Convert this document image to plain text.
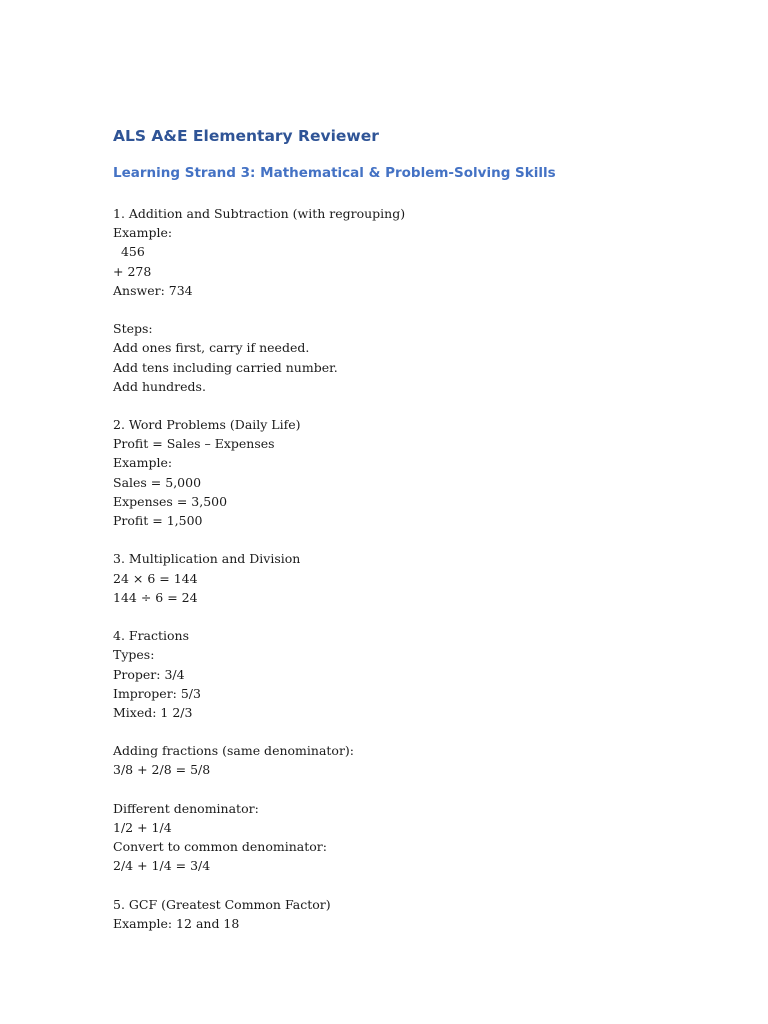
ALS A&E Elementary Reviewer
Learning Strand 3: Mathematical & Problem-Solving Skills
1. Addition and Subtraction (with regrouping)
Example:
456
+ 278
Answer: 734
Steps:
Add ones first, carry if needed.
Add tens including carried number.
Add hundreds.
2. Word Problems (Daily Life)
Profit = Sales – Expenses
Example:
Sales = 5,000
Expenses = 3,500
Profit = 1,500
3. Multiplication and Division
24 × 6 = 144
144 ÷ 6 = 24
4. Fractions
Types:
Proper: 3/4
Improper: 5/3
Mixed: 1 2/3
Adding fractions (same denominator):
3/8 + 2/8 = 5/8
Different denominator:
1/2 + 1/4
Convert to common denominator:
2/4 + 1/4 = 3/4
5. GCF (Greatest Common Factor)
Example: 12 and 18
